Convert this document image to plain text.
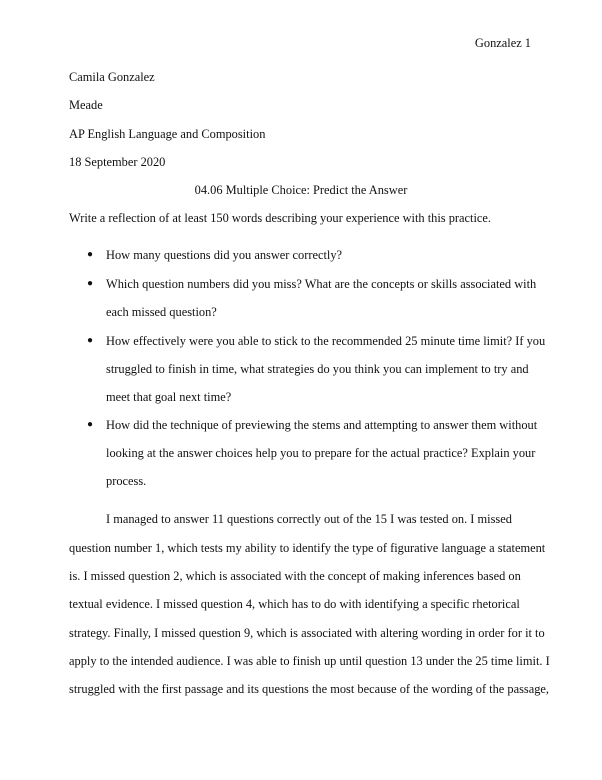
Gonzalez 1
Camila Gonzalez
Meade
AP English Language and Composition
18 September 2020
04.06 Multiple Choice: Predict the Answer
Write a reflection of at least 150 words describing your experience with this practice.
● How many questions did you answer correctly?
● Which question numbers did you miss? What are the concepts or skills associated with
each missed question?
● How effectively were you able to stick to the recommended 25 minute time limit? If you
struggled to finish in time, what strategies do you think you can implement to try and
meet that goal next time?
● How did the technique of previewing the stems and attempting to answer them without
looking at the answer choices help you to prepare for the actual practice? Explain your
process.
I managed to answer 11 questions correctly out of the 15 I was tested on. I missed
question number 1, which tests my ability to identify the type of figurative language a statement
is. I missed question 2, which is associated with the concept of making inferences based on
textual evidence. I missed question 4, which has to do with identifying a specific rhetorical
strategy. Finally, I missed question 9, which is associated with altering wording in order for it to
apply to the intended audience. I was able to finish up until question 13 under the 25 time limit. I
struggled with the first passage and its questions the most because of the wording of the passage,
